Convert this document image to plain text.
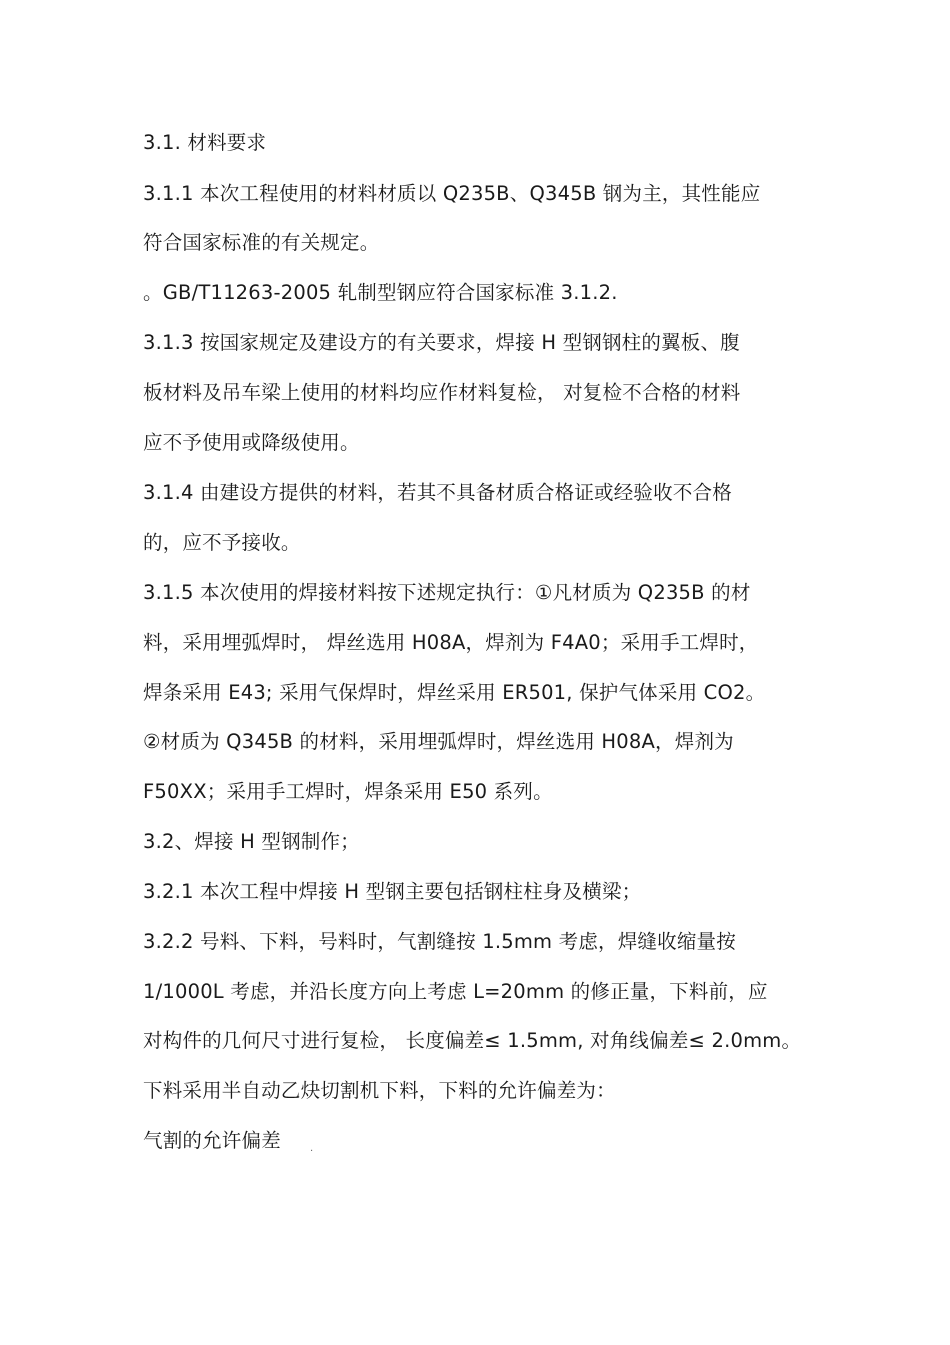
3.1. 材料要求
3.1.1 本次工程使用的材料材质以 Q235B、Q345B 钢为主，其性能应
符合国家标准的有关规定。
。GB/T11263-2005 轧制型钢应符合国家标准 3.1.2.
3.1.3 按国家规定及建设方的有关要求，焊接 H 型钢钢柱的翼板、腹
板材料及吊车梁上使用的材料均应作材料复检， 对复检不合格的材料
应不予使用或降级使用。
3.1.4 由建设方提供的材料，若其不具备材质合格证或经验收不合格
的，应不予接收。
3.1.5 本次使用的焊接材料按下述规定执行：①凡材质为 Q235B 的材
料，采用埋弧焊时， 焊丝选用 H08A，焊剂为 F4A0；采用手工焊时，
焊条采用 E43; 采用气保焊时，焊丝采用 ER501, 保护气体采用 CO2。
②材质为 Q345B 的材料，采用埋弧焊时，焊丝选用 H08A，焊剂为
F50XX；采用手工焊时，焊条采用 E50 系列。
3.2、焊接 H 型钢制作；
3.2.1 本次工程中焊接 H 型钢主要包括钢柱柱身及横梁；
3.2.2 号料、下料，号料时，气割缝按 1.5mm 考虑，焊缝收缩量按
1/1000L 考虑，并沿长度方向上考虑 L=20mm 的修正量，下料前，应
对构件的几何尺寸进行复检， 长度偏差≤ 1.5mm, 对角线偏差≤ 2.0mm。
下料采用半自动乙炔切割机下料，下料的允许偏差为：
气割的允许偏差	.
